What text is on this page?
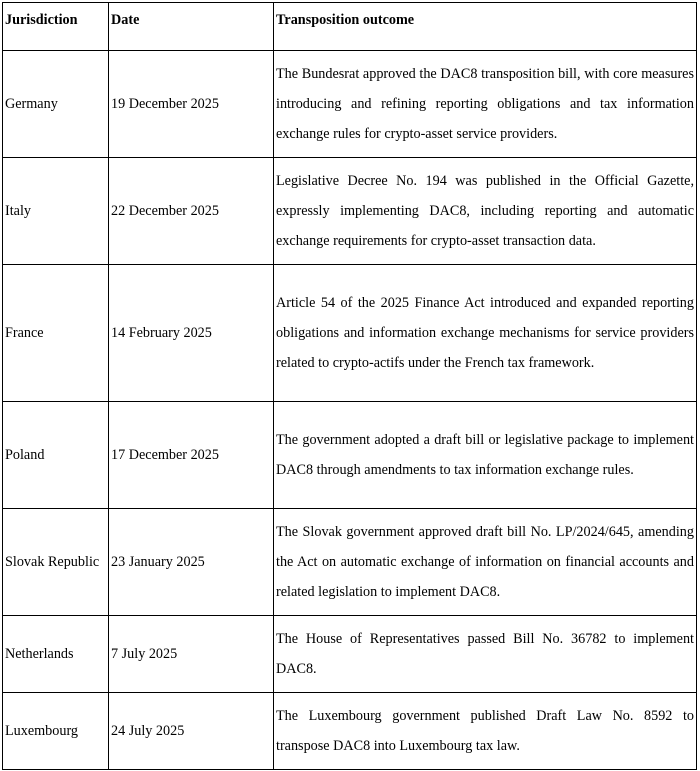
Jurisdiction	Date	Transposition outcome
Germany	19 December 2025	The Bundesrat approved the DAC8 transposition bill, with core measures introducing and refining reporting obligations and tax information exchange rules for crypto-asset service providers.
Italy	22 December 2025	Legislative Decree No. 194 was published in the Official Gazette, expressly implementing DAC8, including reporting and automatic exchange requirements for crypto-asset transaction data.
France	14 February 2025	Article 54 of the 2025 Finance Act introduced and expanded reporting obligations and information exchange mechanisms for service providers related to crypto-actifs under the French tax framework.
Poland	17 December 2025	The government adopted a draft bill or legislative package to implement DAC8 through amendments to tax information exchange rules.
Slovak Republic	23 January 2025	The Slovak government approved draft bill No. LP/2024/645, amending the Act on automatic exchange of information on financial accounts and related legislation to implement DAC8.
Netherlands	7 July 2025	The House of Representatives passed Bill No. 36782 to implement DAC8.
Luxembourg	24 July 2025	The Luxembourg government published Draft Law No. 8592 to transpose DAC8 into Luxembourg tax law.
